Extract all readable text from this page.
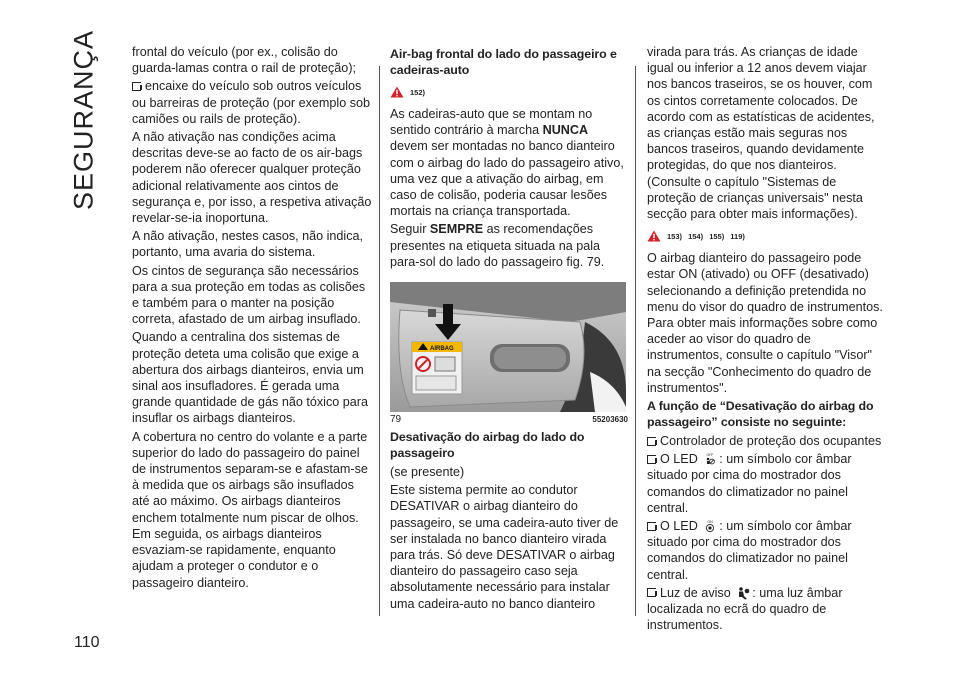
SEGURANÇA	frontal do veículo (por ex., colisão do guarda-lamas contra o rail de proteção);

encaixe do veículo sob outros veículos ou barreiras de proteção (por exemplo sob camiões ou rails de proteção).

A não ativação nas condições acima descritas deve-se ao facto de os air-bags poderem não oferecer qualquer proteção adicional relativamente aos cintos de segurança e, por isso, a respetiva ativação revelar-se-ia inoportuna.

A não ativação, nestes casos, não indica, portanto, uma avaria do sistema.

Os cintos de segurança são necessários para a sua proteção em todas as colisões e também para o manter na posição correta, afastado de um airbag insuflado.

Quando a centralina dos sistemas de proteção deteta uma colisão que exige a abertura dos airbags dianteiros, envia um sinal aos insufladores. É gerada uma grande quantidade de gás não tóxico para insuflar os airbags dianteiros.

A cobertura no centro do volante e a parte superior do lado do passageiro do painel de instrumentos separam-se e afastam-se à medida que os airbags são insuflados até ao máximo. Os airbags dianteiros enchem totalmente num piscar de olhos. Em seguida, os airbags dianteiros esvaziam-se rapidamente, enquanto ajudam a proteger o condutor e o passageiro dianteiro.

Air-bag frontal do lado do passageiro e cadeiras-auto
152)

As cadeiras-auto que se montam no sentido contrário à marcha NUNCA devem ser montadas no banco dianteiro com o airbag do lado do passageiro ativo, uma vez que a ativação do airbag, em caso de colisão, poderia causar lesões mortais na criança transportada.

Seguir SEMPRE as recomendações presentes na etiqueta situada na pala para-sol do lado do passageiro fig. 79.

AIRBAG
79	55203630
Desativação do airbag do lado do passageiro

(se presente)

Este sistema permite ao condutor DESATIVAR o airbag dianteiro do passageiro, se uma cadeira-auto tiver de ser instalada no banco dianteiro virada para trás. Só deve DESATIVAR o airbag dianteiro do passageiro caso seja absolutamente necessário para instalar uma cadeira-auto no banco dianteiro

virada para trás. As crianças de idade igual ou inferior a 12 anos devem viajar nos bancos traseiros, se os houver, com os cintos corretamente colocados. De acordo com as estatísticas de acidentes, as crianças estão mais seguras nos bancos traseiros, quando devidamente protegidas, do que nos dianteiros. (Consulte o capítulo "Sistemas de proteção de crianças universais" nesta secção para obter mais informações).

153) 154) 155) 119)

O airbag dianteiro do passageiro pode estar ON (ativado) ou OFF (desativado) selecionando a definição pretendida no menu do visor do quadro de instrumentos. Para obter mais informações sobre como aceder ao visor do quadro de instrumentos, consulte o capítulo "Visor" na secção "Conhecimento do quadro de instrumentos".

A função de “Desativação do airbag do passageiro” consiste no seguinte:

Controlador de proteção dos ocupantes

O LED OFF : um símbolo cor âmbar situado por cima do mostrador dos comandos do climatizador no painel central.

O LED ON : um símbolo cor âmbar situado por cima do mostrador dos comandos do climatizador no painel central.

Luz de aviso : uma luz âmbar localizada no ecrã do quadro de instrumentos.

110
